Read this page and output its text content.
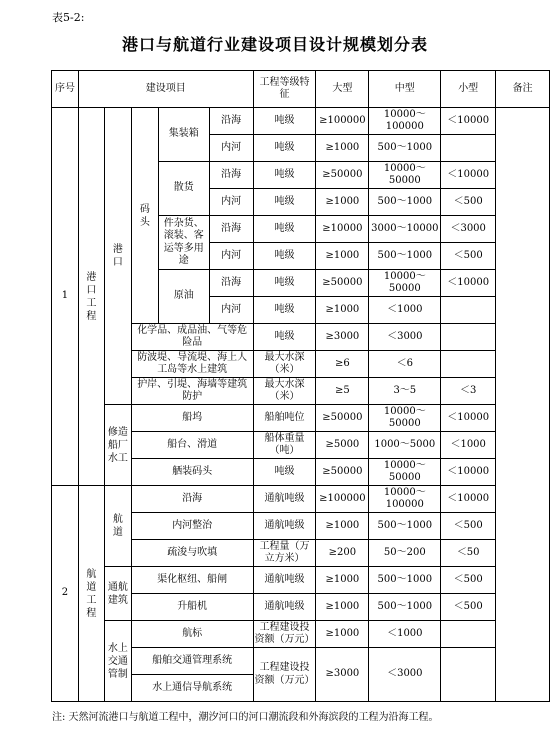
表5-2:
港口与航道行业建设项目设计规模划分表
序号	建设项目					工程等级特征	大型	中型	小型	备注
1	港口工程	港口	码头	集装箱	沿海	吨级	≥100000	10000～100000	＜10000	
					内河	吨级	≥1000	500～1000		
				散货	沿海	吨级	≥50000	10000～50000	＜10000	
					内河	吨级	≥1000	500～1000	＜500	
				件杂货、滚装、客运等多用途	沿海	吨级	≥10000	3000～10000	＜3000	
					内河	吨级	≥1000	500～1000	＜500	
				原油	沿海	吨级	≥50000	10000～50000	＜10000	
					内河	吨级	≥1000	＜1000		
			化学品、成品油、气等危险品			吨级	≥3000	＜3000		
			防波堤、导流堤、海上人工岛等水上建筑			最大水深（米）	≥6	＜6		
			护岸、引堤、海墙等建筑防护			最大水深（米）	≥5	3～5	＜3	
		修造船厂水工	船坞			船舶吨位	≥50000	10000～50000	＜10000	
			船台、滑道			船体重量（吨）	≥5000	1000～5000	＜1000	
			舾装码头			吨级	≥50000	10000～50000	＜10000	
2	航道工程	航道	沿海			通航吨级	≥100000	10000～100000	＜10000	
			内河整治			通航吨级	≥1000	500～1000	＜500	
			疏浚与吹填			工程量（万立方米）	≥200	50～200	＜50	
		通航建筑	渠化枢纽、船闸			通航吨级	≥1000	500～1000	＜500	
			升船机			通航吨级	≥1000	500～1000	＜500	
		水上交通管制	航标			工程建设投资额（万元）	≥1000	＜1000		
			船舶交通管理系统			工程建设投资额（万元）	≥3000	＜3000		
			水上通信导航系统							
注: 天然河流港口与航道工程中，潮汐河口的河口潮流段和外海滨段的工程为沿海工程。
